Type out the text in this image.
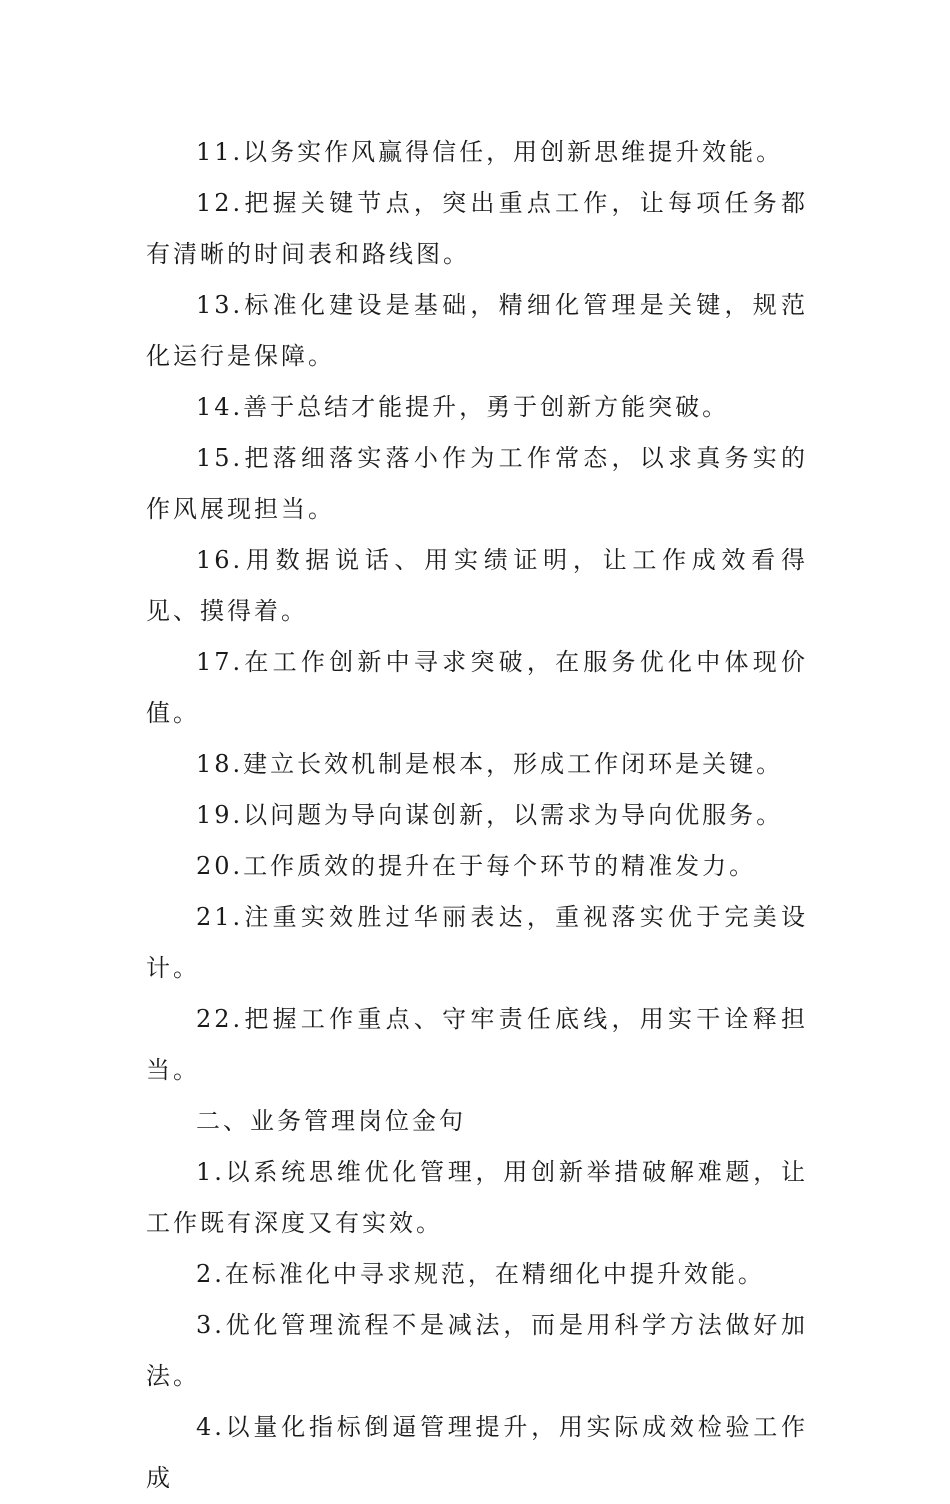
11.以务实作风赢得信任，用创新思维提升效能。

12.把握关键节点，突出重点工作，让每项任务都有清晰的时间表和路线图。

13.标准化建设是基础，精细化管理是关键，规范化运行是保障。

14.善于总结才能提升，勇于创新方能突破。

15.把落细落实落小作为工作常态，以求真务实的作风展现担当。

16.用数据说话、用实绩证明，让工作成效看得见、摸得着。

17.在工作创新中寻求突破，在服务优化中体现价值。

18.建立长效机制是根本，形成工作闭环是关键。

19.以问题为导向谋创新，以需求为导向优服务。

20.工作质效的提升在于每个环节的精准发力。

21.注重实效胜过华丽表达，重视落实优于完美设计。

22.把握工作重点、守牢责任底线，用实干诠释担当。

二、业务管理岗位金句

1.以系统思维优化管理，用创新举措破解难题，让工作既有深度又有实效。

2.在标准化中寻求规范，在精细化中提升效能。

3.优化管理流程不是减法，而是用科学方法做好加法。

4.以量化指标倒逼管理提升，用实际成效检验工作成
